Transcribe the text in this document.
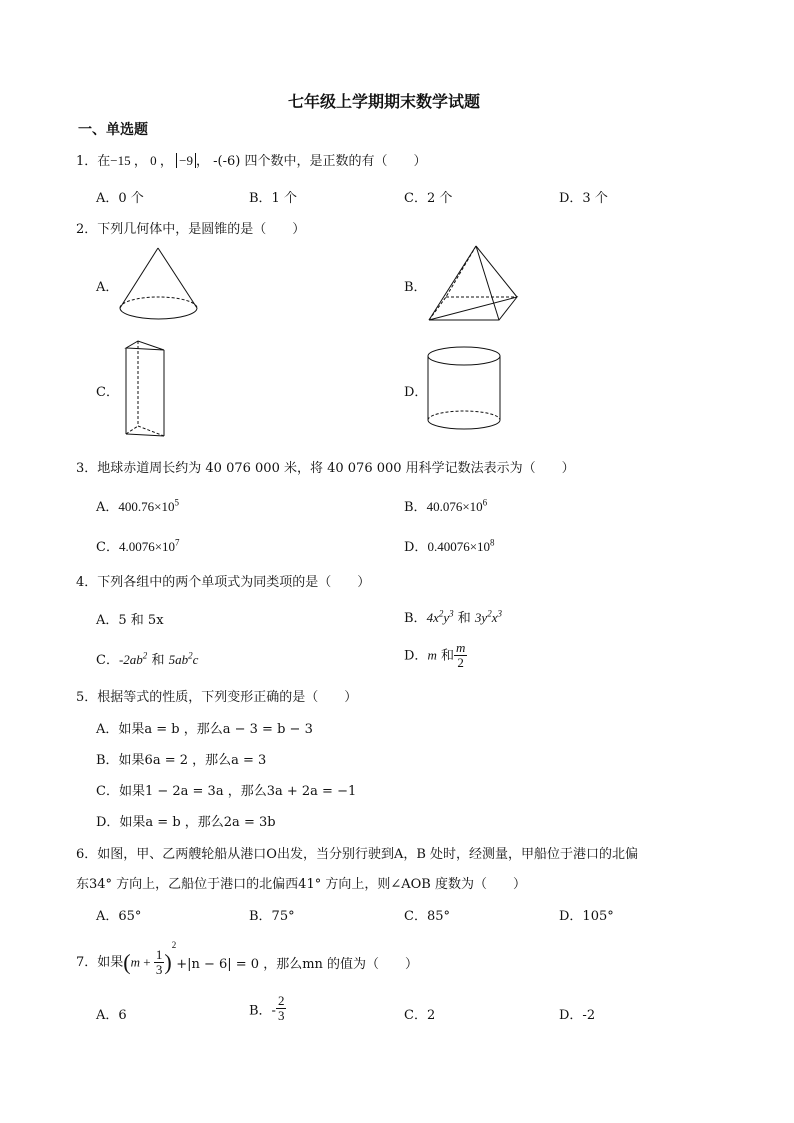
七年级上学期期末数学试题
一、单选题
1．在−15 ， 0 ， −9 ， -(-6) 四个数中，是正数的有（　　）
A．0 个	B．1 个	C．2 个	D．3 个
2．下列几何体中，是圆锥的是（　　）
A．	B．
C．	D．
3．地球赤道周长约为 40 076 000 米，将 40 076 000 用科学记数法表示为（　　）
A．$400.76\times 10^5$	B．$40.076\times 10^6$
C．$4.0076\times 10^7$	D．$0.40076\times 10^8$
4．下列各组中的两个单项式为同类项的是（　　）
A．5 和 5x	B．$4x^2y^3$ 和 $3y^2x^3$
C．$-2ab^2$ 和 $5ab^2c$	D．m 和 $\frac{m}{2}$
5．根据等式的性质，下列变形正确的是（　　）
A．如果a = b ，那么a − 3 = b − 3
B．如果6a = 2 ，那么a = 3
C．如果1 − 2a = 3a ，那么3a + 2a = −1
D．如果a = b ，那么2a = 3b
6．如图，甲、乙两艘轮船从港口O出发，当分别行驶到A，B 处时，经测量，甲船位于港口的北偏
东34° 方向上，乙船位于港口的北偏西41° 方向上，则∠AOB 度数为（　　）
A．65°	B．75°	C．85°	D．105°
7．如果$(m + \frac{1}{3} )^2+|n - 6| = 0$ ，那么mn 的值为（　　）
A．6	B．- $\frac{2}{3}$	C．2	D．-2
